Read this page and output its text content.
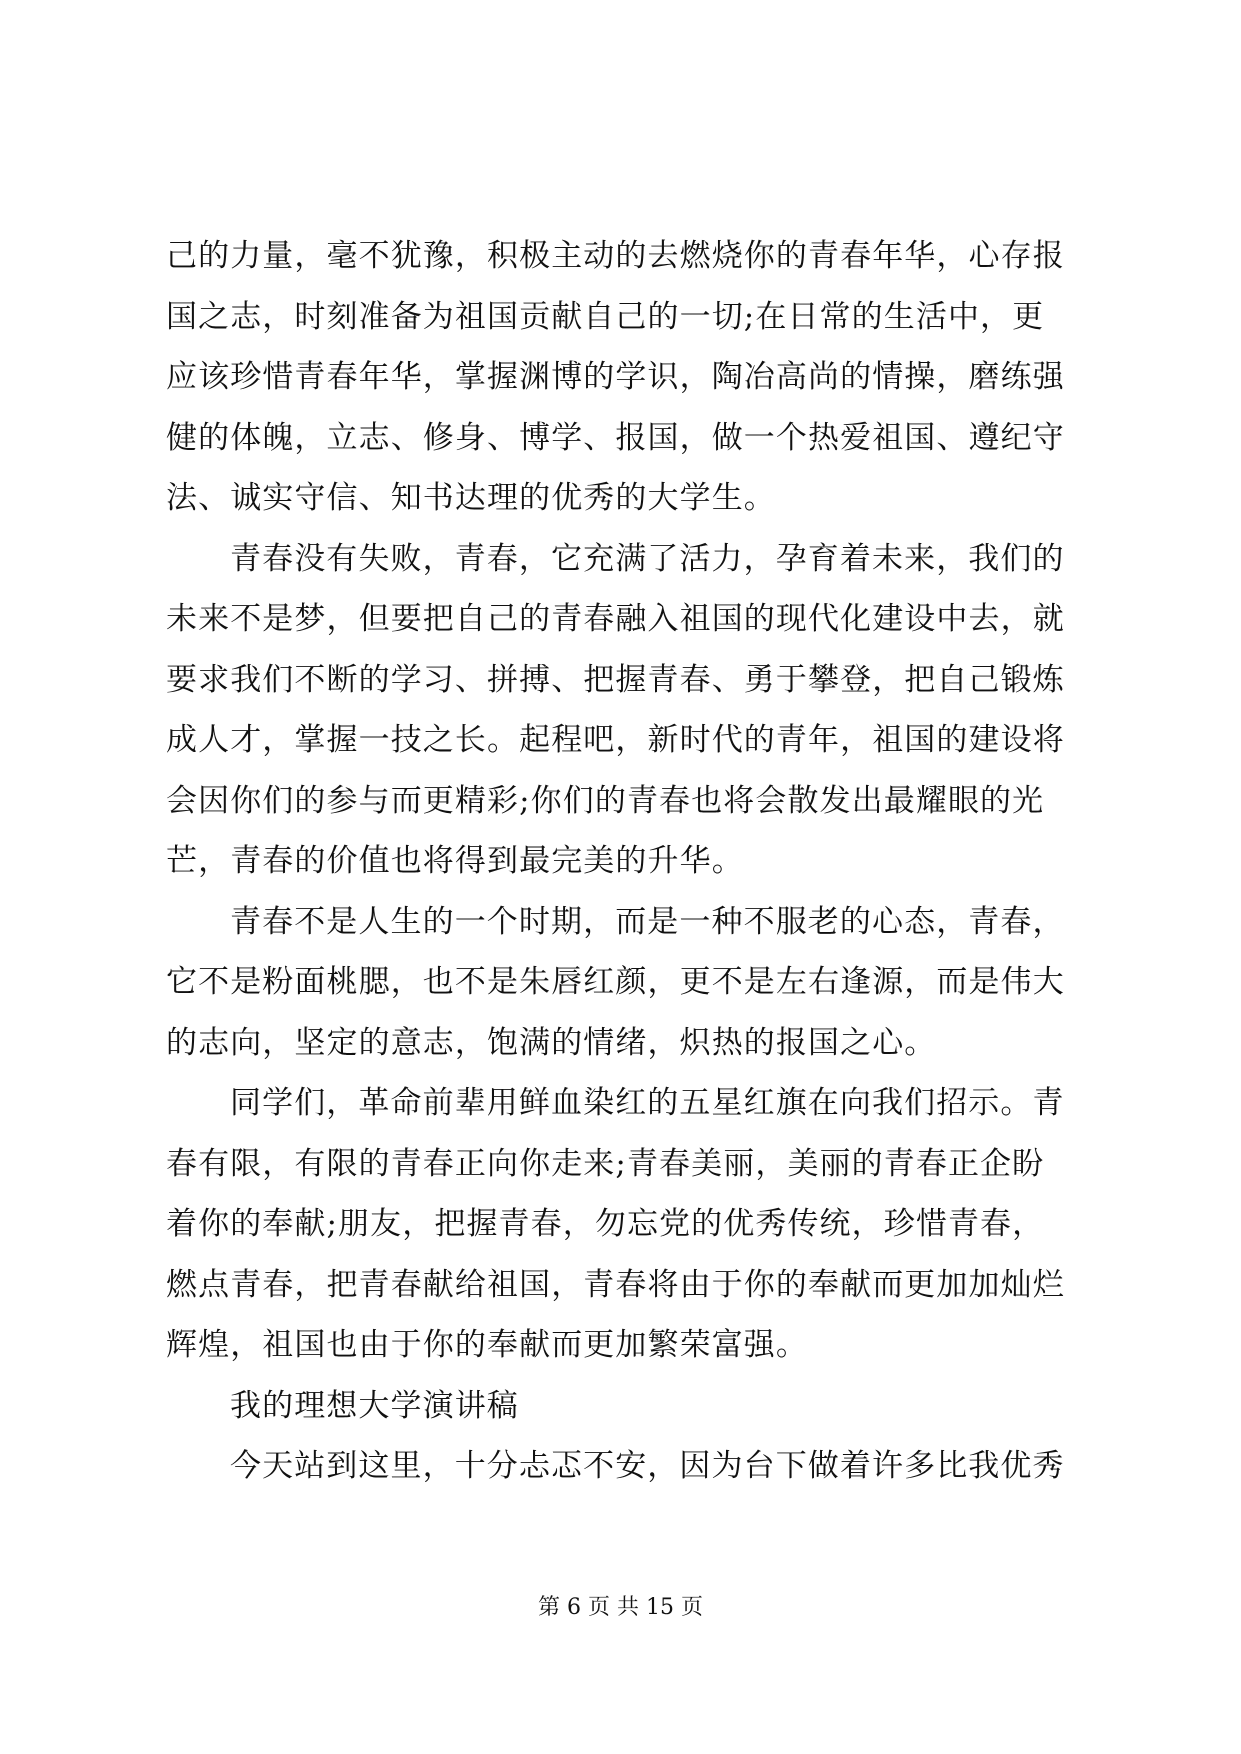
己的力量，毫不犹豫，积极主动的去燃烧你的青春年华，心存报
国之志，时刻准备为祖国贡献自己的一切;在日常的生活中，更
应该珍惜青春年华，掌握渊博的学识，陶冶高尚的情操，磨练强
健的体魄，立志、修身、博学、报国，做一个热爱祖国、遵纪守
法、诚实守信、知书达理的优秀的大学生。
青春没有失败，青春，它充满了活力，孕育着未来，我们的
未来不是梦，但要把自己的青春融入祖国的现代化建设中去，就
要求我们不断的学习、拼搏、把握青春、勇于攀登，把自己锻炼
成人才，掌握一技之长。起程吧，新时代的青年，祖国的建设将
会因你们的参与而更精彩;你们的青春也将会散发出最耀眼的光
芒，青春的价值也将得到最完美的升华。
青春不是人生的一个时期，而是一种不服老的心态，青春，
它不是粉面桃腮，也不是朱唇红颜，更不是左右逢源，而是伟大
的志向，坚定的意志，饱满的情绪，炽热的报国之心。
同学们，革命前辈用鲜血染红的五星红旗在向我们招示。青
春有限，有限的青春正向你走来;青春美丽，美丽的青春正企盼
着你的奉献;朋友，把握青春，勿忘党的优秀传统，珍惜青春，
燃点青春，把青春献给祖国，青春将由于你的奉献而更加加灿烂
辉煌，祖国也由于你的奉献而更加繁荣富强。
我的理想大学演讲稿
今天站到这里，十分忐忑不安，因为台下做着许多比我优秀
第 6 页 共 15 页
